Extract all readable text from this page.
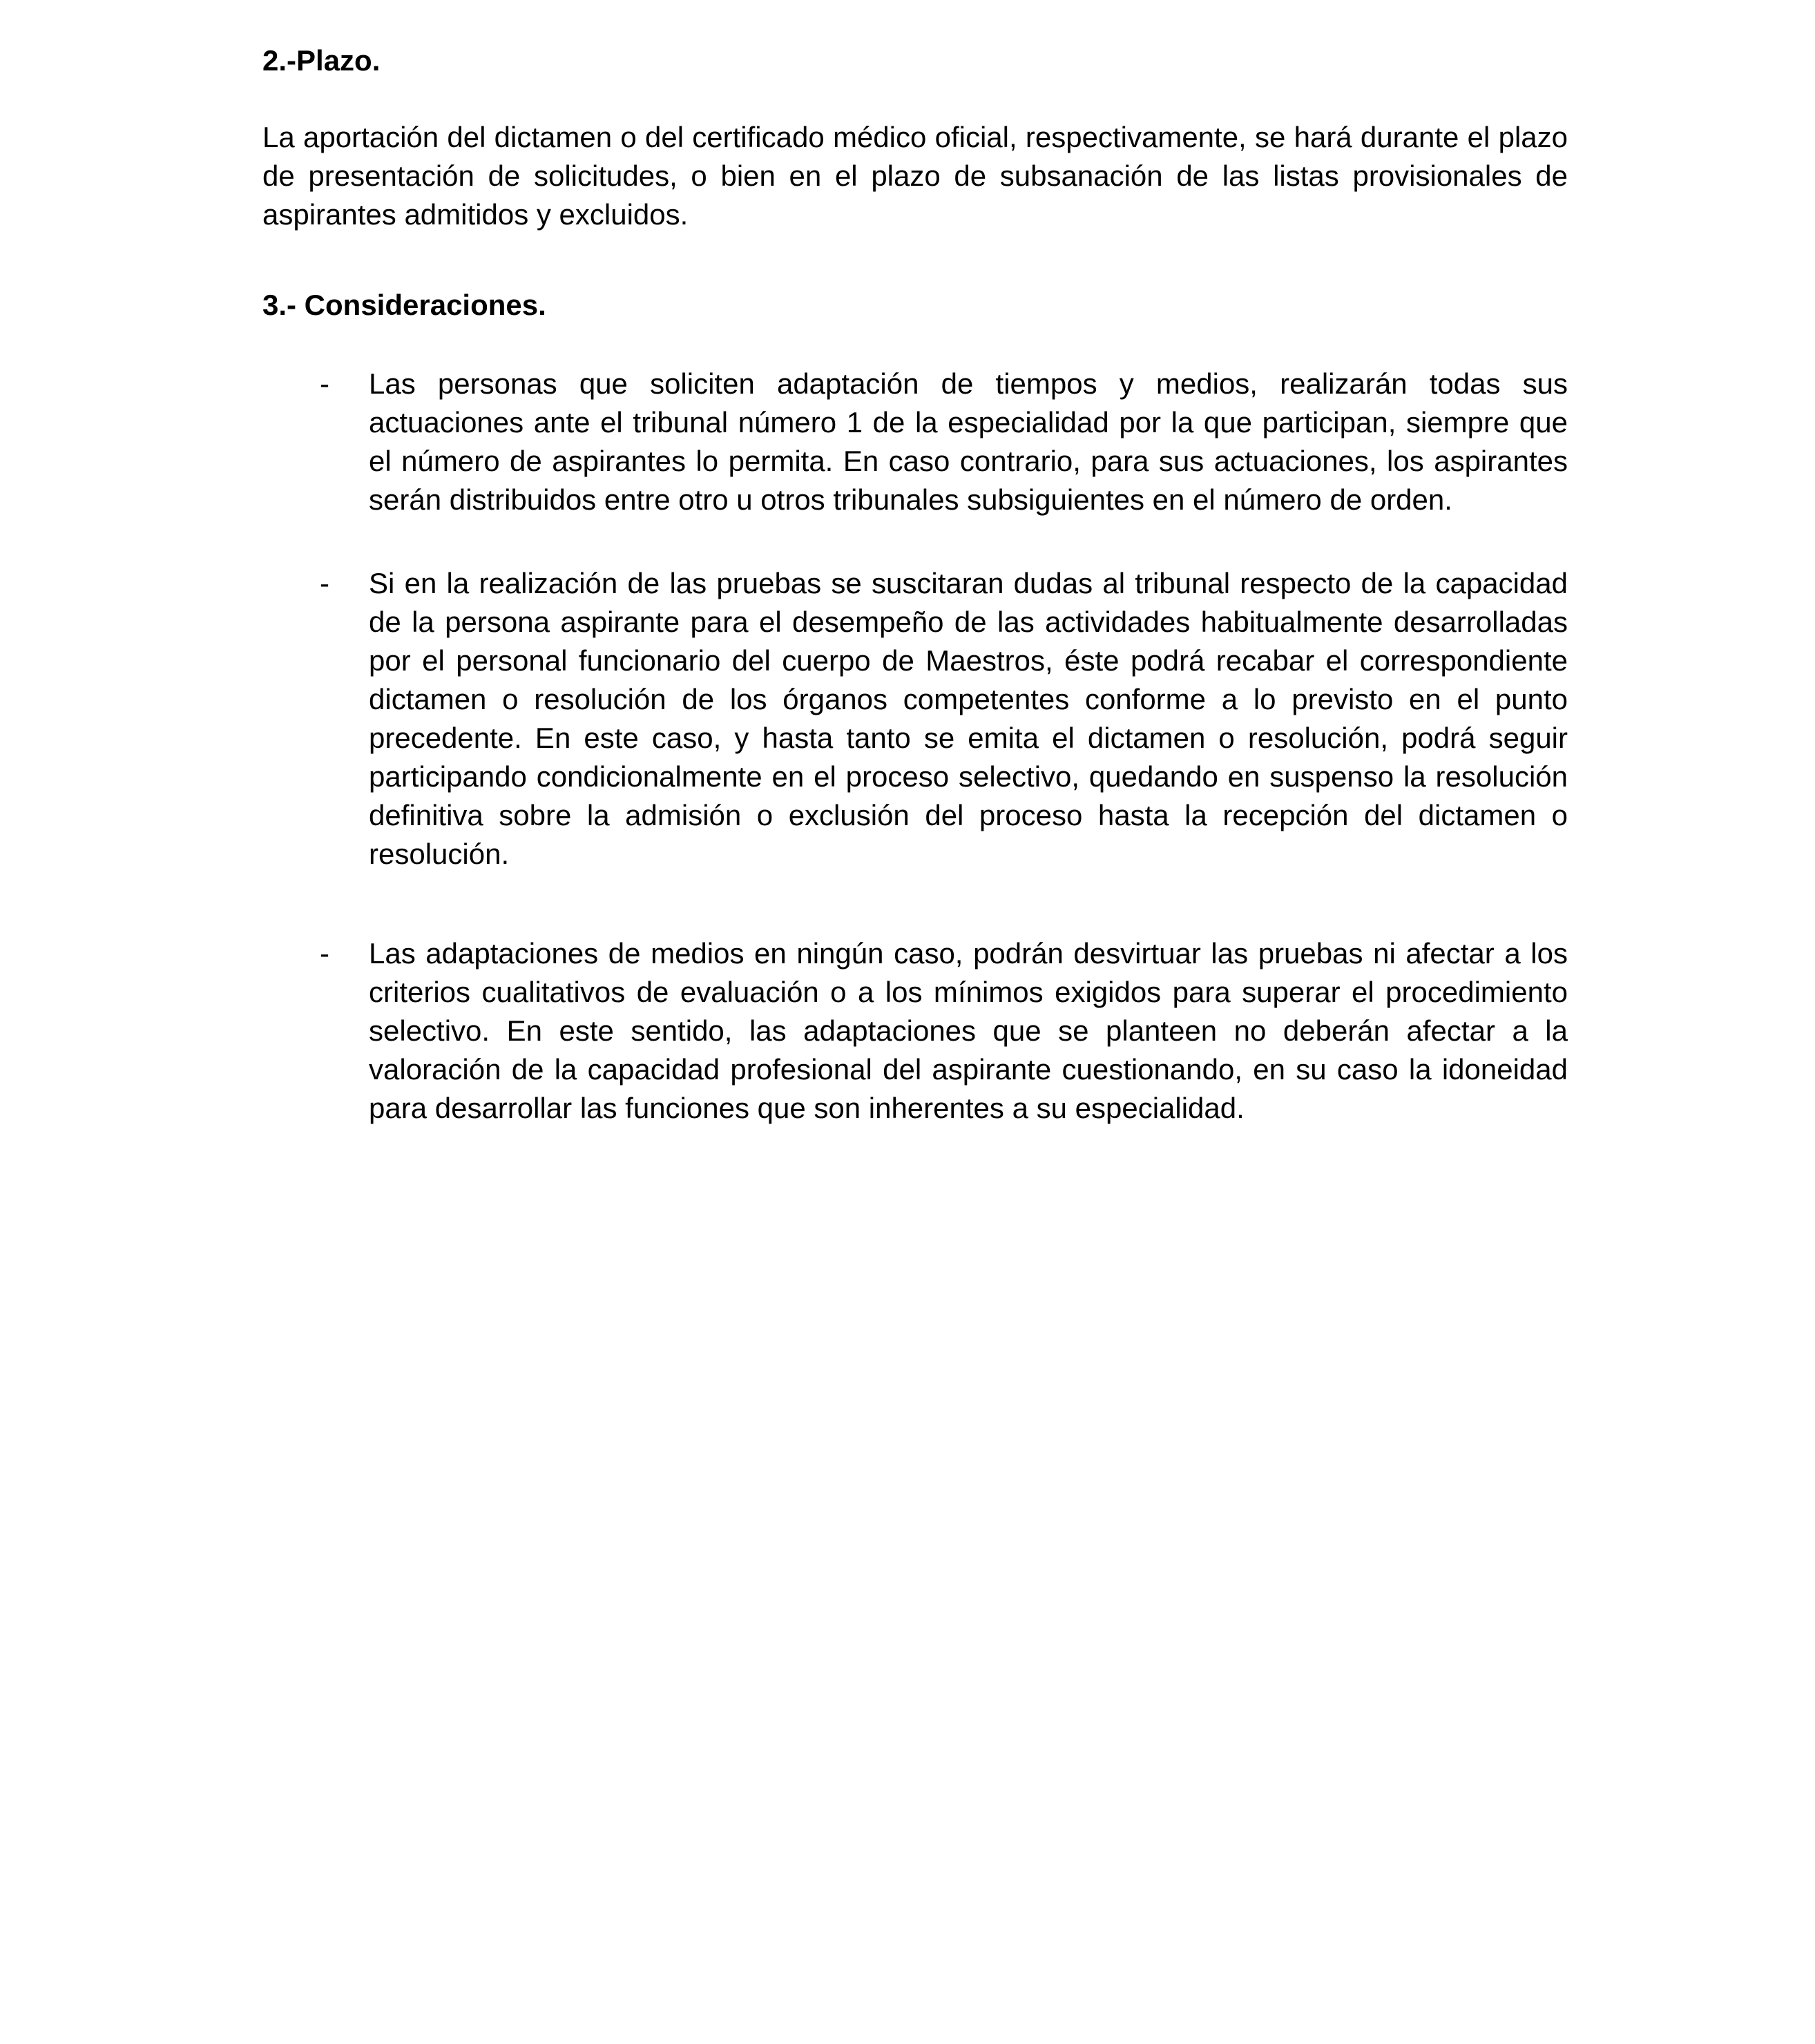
2.-Plazo.

La aportación del dictamen o del certificado médico oficial, respectivamente, se hará durante el plazo de presentación de solicitudes, o bien en el plazo de subsanación de las listas provisionales de aspirantes admitidos y excluidos.

3.- Consideraciones.
- Las personas que soliciten adaptación de tiempos y medios, realizarán todas sus actuaciones ante el tribunal número 1 de la especialidad por la que participan, siempre que el número de aspirantes lo permita. En caso contrario, para sus actuaciones, los aspirantes serán distribuidos entre otro u otros tribunales subsiguientes en el número de orden.
- Si en la realización de las pruebas se suscitaran dudas al tribunal respecto de la capacidad de la persona aspirante para el desempeño de las actividades habitualmente desarrolladas por el personal funcionario del cuerpo de Maestros, éste podrá recabar el correspondiente dictamen o resolución de los órganos competentes conforme a lo previsto en el punto precedente. En este caso, y hasta tanto se emita el dictamen o resolución, podrá seguir participando condicionalmente en el proceso selectivo, quedando en suspenso la resolución definitiva sobre la admisión o exclusión del proceso hasta la recepción del dictamen o resolución.
- Las adaptaciones de medios en ningún caso, podrán desvirtuar las pruebas ni afectar a los criterios cualitativos de evaluación o a los mínimos exigidos para superar el procedimiento selectivo. En este sentido, las adaptaciones que se planteen no deberán afectar a la valoración de la capacidad profesional del aspirante cuestionando, en su caso la idoneidad para desarrollar las funciones que son inherentes a su especialidad.
